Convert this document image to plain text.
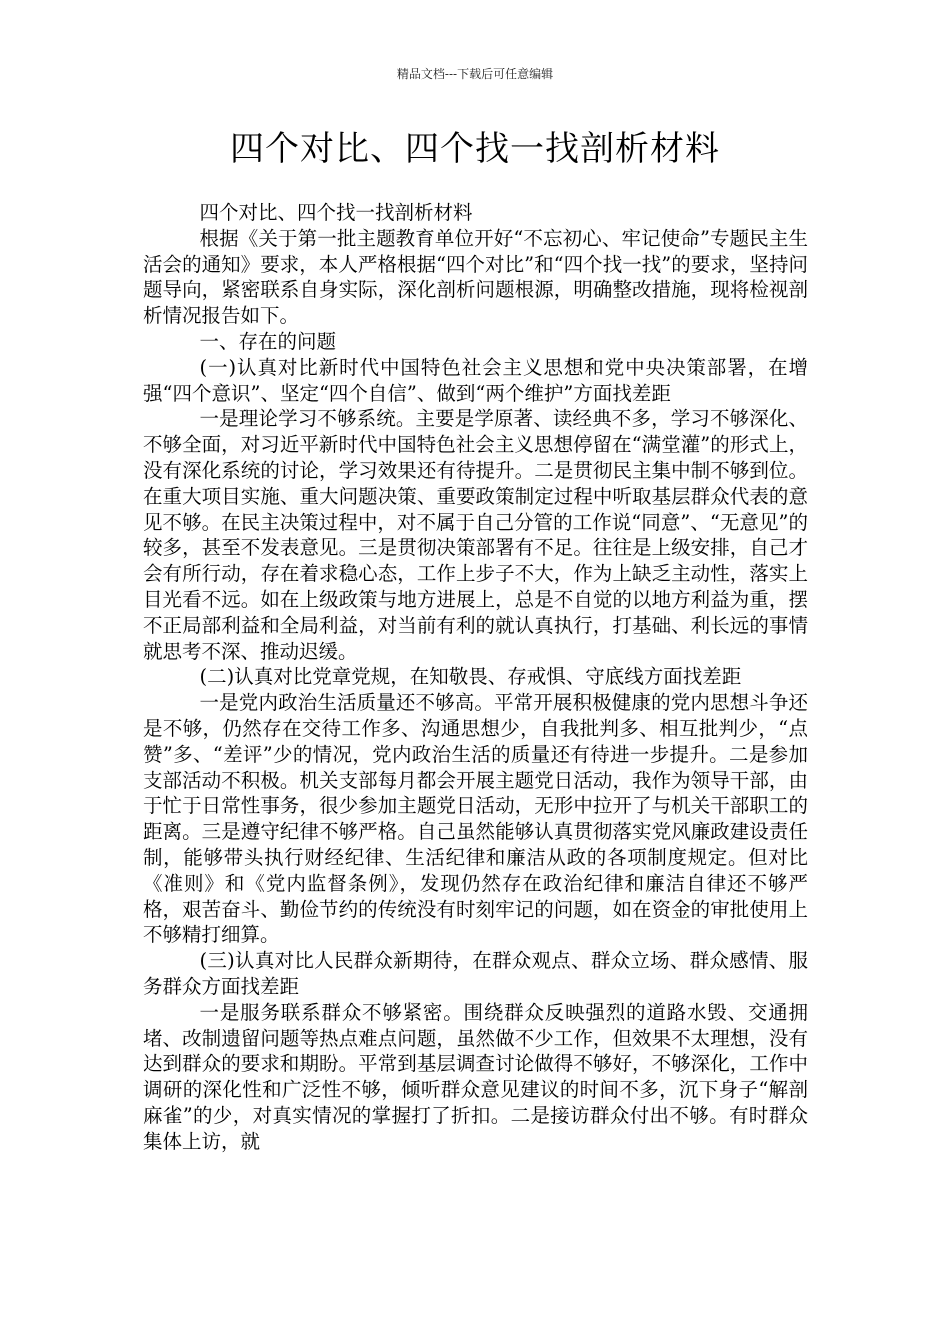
精品文档---下载后可任意编辑
四个对比、四个找一找剖析材料

四个对比、四个找一找剖析材料

根据《关于第一批主题教育单位开好“不忘初心、牢记使命”专题民主生活会的通知》要求，本人严格根据“四个对比”和“四个找一找”的要求，坚持问题导向，紧密联系自身实际，深化剖析问题根源，明确整改措施，现将检视剖析情况报告如下。

一、存在的问题

(一)认真对比新时代中国特色社会主义思想和党中央决策部署，在增强“四个意识”、坚定“四个自信”、做到“两个维护”方面找差距

一是理论学习不够系统。主要是学原著、读经典不多，学习不够深化、不够全面，对习近平新时代中国特色社会主义思想停留在“满堂灌”的形式上，没有深化系统的讨论，学习效果还有待提升。二是贯彻民主集中制不够到位。在重大项目实施、重大问题决策、重要政策制定过程中听取基层群众代表的意见不够。在民主决策过程中，对不属于自己分管的工作说“同意”、“无意见”的较多，甚至不发表意见。三是贯彻决策部署有不足。往往是上级安排，自己才会有所行动，存在着求稳心态，工作上步子不大，作为上缺乏主动性，落实上目光看不远。如在上级政策与地方进展上，总是不自觉的以地方利益为重，摆不正局部利益和全局利益，对当前有利的就认真执行，打基础、利长远的事情就思考不深、推动迟缓。

(二)认真对比党章党规，在知敬畏、存戒惧、守底线方面找差距

一是党内政治生活质量还不够高。平常开展积极健康的党内思想斗争还是不够，仍然存在交待工作多、沟通思想少，自我批判多、相互批判少，“点赞”多、“差评”少的情况，党内政治生活的质量还有待进一步提升。二是参加支部活动不积极。机关支部每月都会开展主题党日活动，我作为领导干部，由于忙于日常性事务，很少参加主题党日活动，无形中拉开了与机关干部职工的距离。三是遵守纪律不够严格。自己虽然能够认真贯彻落实党风廉政建设责任制，能够带头执行财经纪律、生活纪律和廉洁从政的各项制度规定。但对比《准则》和《党内监督条例》，发现仍然存在政治纪律和廉洁自律还不够严格，艰苦奋斗、勤俭节约的传统没有时刻牢记的问题，如在资金的审批使用上不够精打细算。

(三)认真对比人民群众新期待，在群众观点、群众立场、群众感情、服务群众方面找差距

一是服务联系群众不够紧密。围绕群众反映强烈的道路水毁、交通拥堵、改制遗留问题等热点难点问题，虽然做不少工作，但效果不太理想，没有达到群众的要求和期盼。平常到基层调查讨论做得不够好，不够深化，工作中调研的深化性和广泛性不够，倾听群众意见建议的时间不多，沉下身子“解剖麻雀”的少，对真实情况的掌握打了折扣。二是接访群众付出不够。有时群众集体上访，就
